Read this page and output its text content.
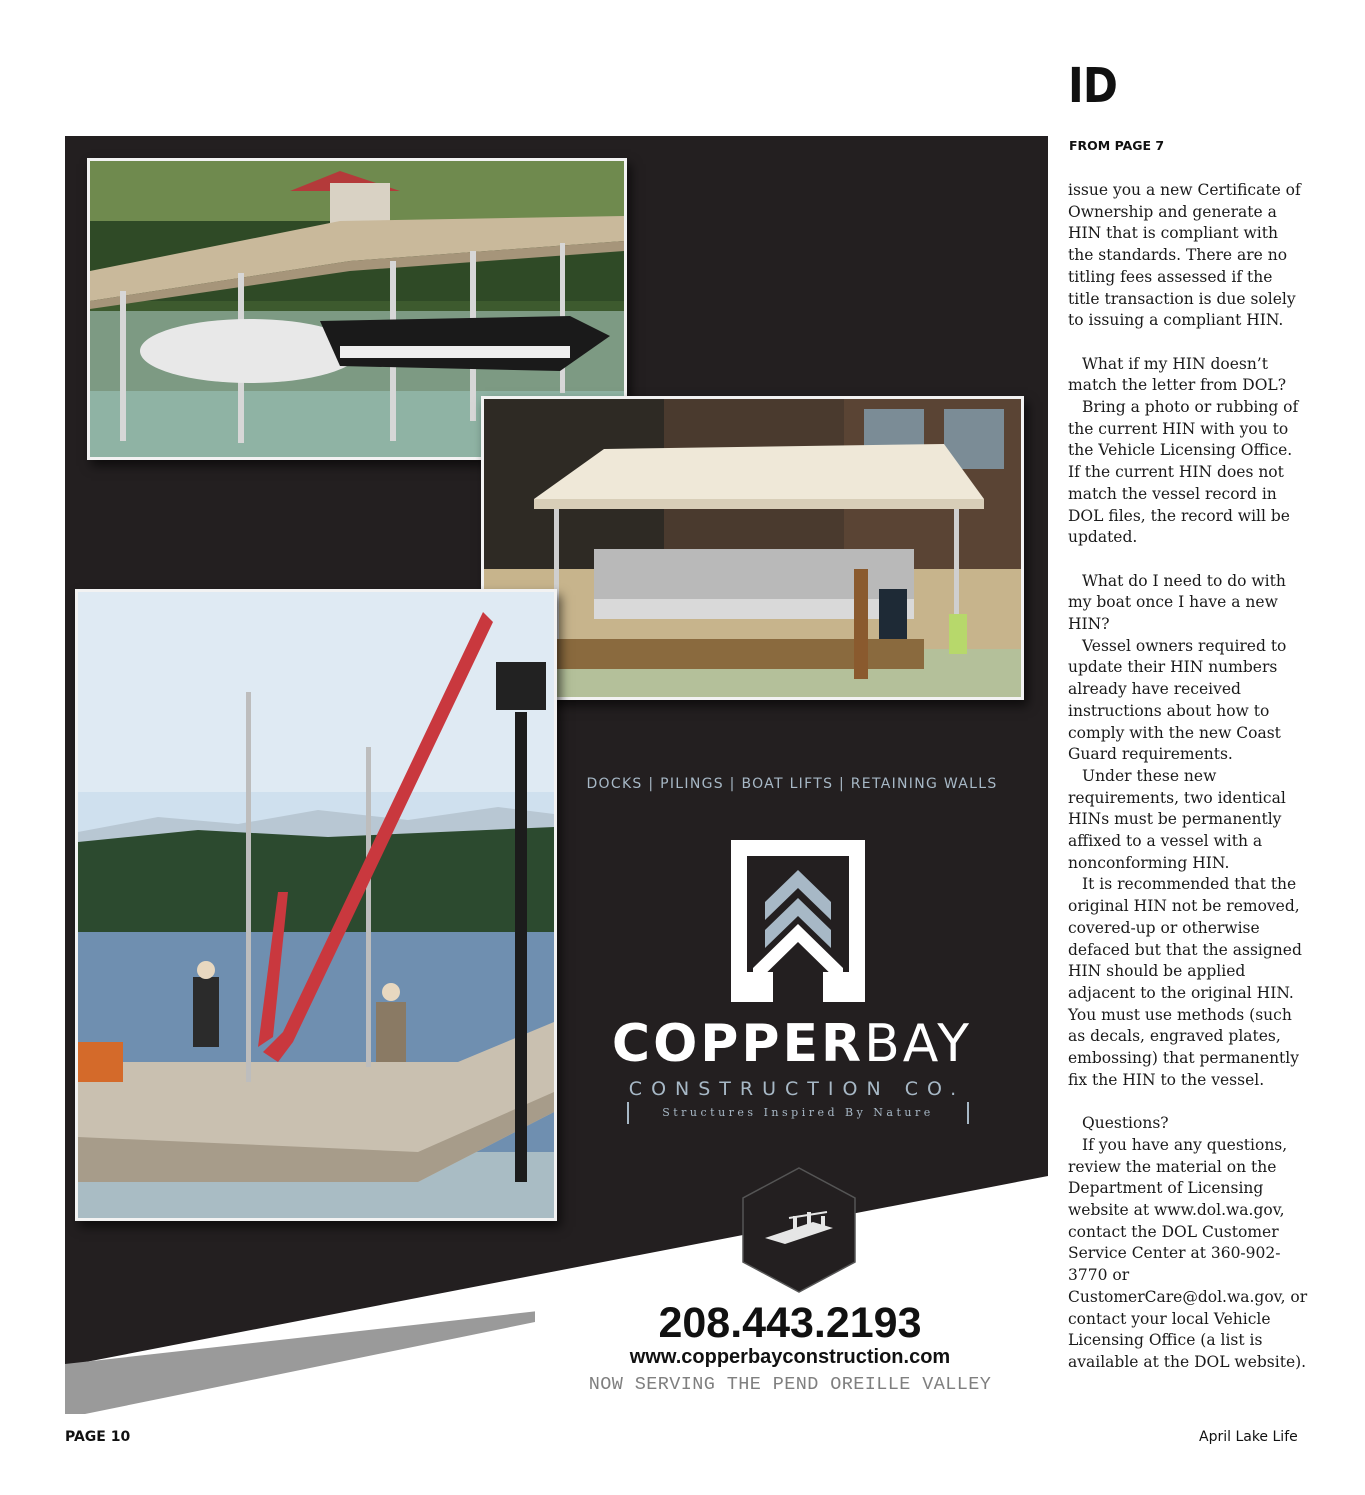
DOCKS | PILINGS | BOAT LIFTS | RETAINING WALLS
COPPERBAY
CONSTRUCTION CO.
Structures Inspired By Nature
208.443.2193
www.copperbayconstruction.com
NOW SERVING THE PEND OREILLE VALLEY
ID
FROM PAGE 7

issue you a new Certificate of Ownership and generate a HIN that is compliant with the standards. There are no titling fees assessed if the title transaction is due solely to issuing a compliant HIN.

What if my HIN doesn’t match the letter from DOL?

Bring a photo or rubbing of the current HIN with you to the Vehicle Licensing Office. If the current HIN does not match the vessel record in DOL files, the record will be updated.

What do I need to do with my boat once I have a new HIN?

Vessel owners required to update their HIN numbers already have received instructions about how to comply with the new Coast Guard requirements.

Under these new requirements, two identical HINs must be permanently affixed to a vessel with a nonconforming HIN.

It is recommended that the original HIN not be removed, covered-up or otherwise defaced but that the assigned HIN should be applied adjacent to the original HIN. You must use methods (such as decals, engraved plates, embossing) that permanently fix the HIN to the vessel.

Questions?

If you have any questions, review the material on the Department of Licensing website at www.dol.wa.gov, contact the DOL Customer Service Center at 360-902-3770 or CustomerCare@dol.wa.gov, or contact your local Vehicle Licensing Office (a list is available at the DOL website).

PAGE 10	April Lake Life
